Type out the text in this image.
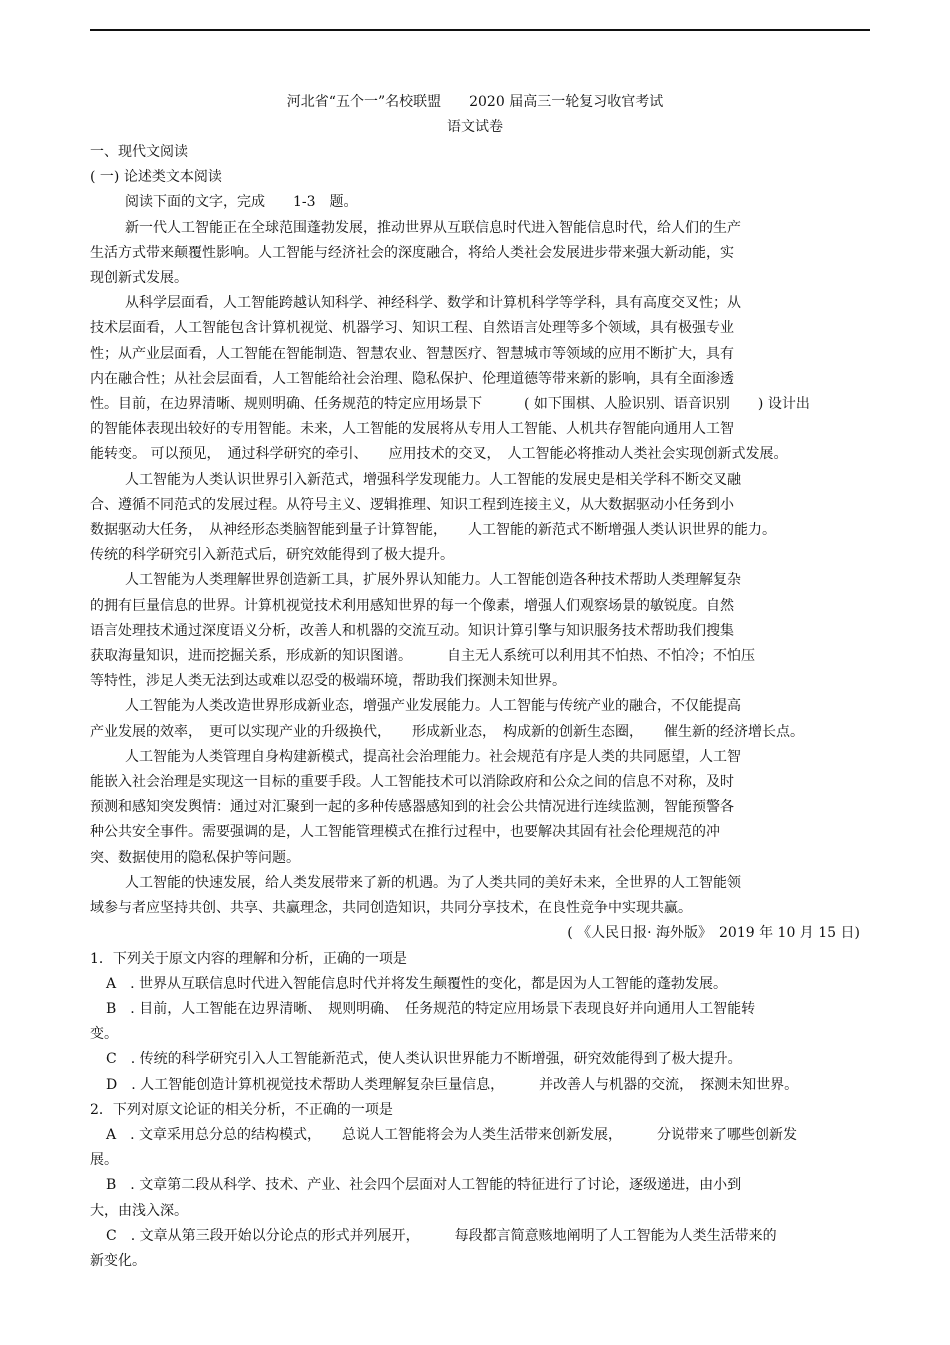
河北省“五个一”名校联盟　　2020 届高三一轮复习收官考试
语文试卷
一、现代文阅读
( 一) 论述类文本阅读
阅读下面的文字，完成　　1-3　题。
新一代人工智能正在全球范围蓬勃发展，推动世界从互联信息时代进入智能信息时代，给人们的生产
生活方式带来颠覆性影响。人工智能与经济社会的深度融合，将给人类社会发展进步带来强大新动能，实
现创新式发展。
从科学层面看，人工智能跨越认知科学、神经科学、数学和计算机科学等学科，具有高度交叉性；从
技术层面看，人工智能包含计算机视觉、机器学习、知识工程、自然语言处理等多个领域，具有极强专业
性；从产业层面看，人工智能在智能制造、智慧农业、智慧医疗、智慧城市等领域的应用不断扩大，具有
内在融合性；从社会层面看，人工智能给社会治理、隐私保护、伦理道德等带来新的影响，具有全面渗透
性。目前，在边界清晰、规则明确、任务规范的特定应用场景下　　　( 如下围棋、人脸识别、语音识别　　) 设计出
的智能体表现出较好的专用智能。未来，人工智能的发展将从专用人工智能、人机共存智能向通用人工智
能转变。 可以预见，　通过科学研究的牵引、　　应用技术的交叉，　人工智能必将推动人类社会实现创新式发展。
人工智能为人类认识世界引入新范式，增强科学发现能力。人工智能的发展史是相关学科不断交叉融
合、遵循不同范式的发展过程。从符号主义、逻辑推理、知识工程到连接主义，从大数据驱动小任务到小
数据驱动大任务，　从神经形态类脑智能到量子计算智能，　　人工智能的新范式不断增强人类认识世界的能力。
传统的科学研究引入新范式后，研究效能得到了极大提升。
人工智能为人类理解世界创造新工具，扩展外界认知能力。人工智能创造各种技术帮助人类理解复杂
的拥有巨量信息的世界。计算机视觉技术利用感知世界的每一个像素，增强人们观察场景的敏锐度。自然
语言处理技术通过深度语义分析，改善人和机器的交流互动。知识计算引擎与知识服务技术帮助我们搜集
获取海量知识，进而挖掘关系，形成新的知识图谱。　　　自主无人系统可以利用其不怕热、不怕冷；不怕压
等特性，涉足人类无法到达或难以忍受的极端环境，帮助我们探测未知世界。
人工智能为人类改造世界形成新业态，增强产业发展能力。人工智能与传统产业的融合，不仅能提高
产业发展的效率，　更可以实现产业的升级换代，　　形成新业态，　构成新的创新生态圈，　　催生新的经济增长点。
人工智能为人类管理自身构建新模式，提高社会治理能力。社会规范有序是人类的共同愿望，人工智
能嵌入社会治理是实现这一目标的重要手段。人工智能技术可以消除政府和公众之间的信息不对称，及时
预测和感知突发舆情：通过对汇聚到一起的多种传感器感知到的社会公共情况进行连续监测，智能预警各
种公共安全事件。需要强调的是，人工智能管理模式在推行过程中，也要解决其固有社会伦理规范的冲
突、数据使用的隐私保护等问题。
人工智能的快速发展，给人类发展带来了新的机遇。为了人类共同的美好未来，全世界的人工智能领
域参与者应坚持共创、共享、共赢理念，共同创造知识，共同分享技术，在良性竞争中实现共赢。
( 《人民日报· 海外版》　2019 年 10 月 15 日)
1．下列关于原文内容的理解和分析，正确的一项是
A　. 世界从互联信息时代进入智能信息时代并将发生颠覆性的变化，都是因为人工智能的蓬勃发展。
B　. 目前，人工智能在边界清晰、　规则明确、　任务规范的特定应用场景下表现良好并向通用人工智能转
变。
C　. 传统的科学研究引入人工智能新范式，使人类认识世界能力不断增强，研究效能得到了极大提升。
D　. 人工智能创造计算机视觉技术帮助人类理解复杂巨量信息，　　　并改善人与机器的交流，　探测未知世界。
2．下列对原文论证的相关分析，不正确的一项是
A　. 文章采用总分总的结构模式，　　总说人工智能将会为人类生活带来创新发展，　　　分说带来了哪些创新发
展。
B　. 文章第二段从科学、技术、产业、社会四个层面对人工智能的特征进行了讨论，逐级递进，由小到
大，由浅入深。
C　. 文章从第三段开始以分论点的形式并列展开，　　　每段都言简意赅地阐明了人工智能为人类生活带来的
新变化。
